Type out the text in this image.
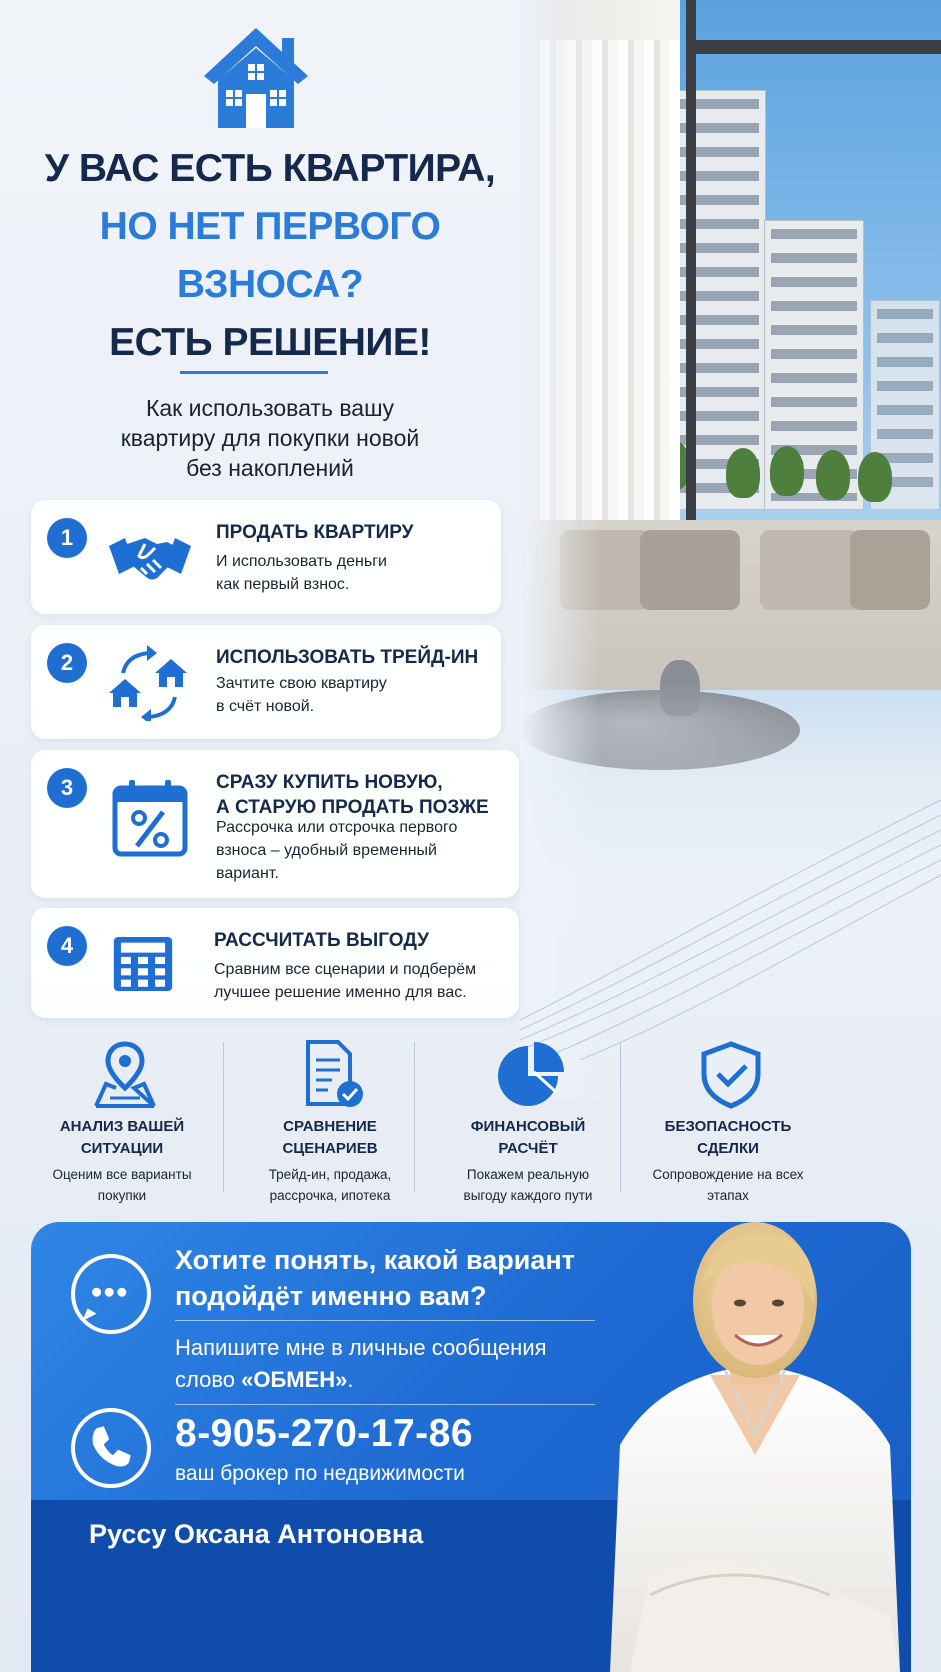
У ВАС ЕСТЬ КВАРТИРА,
НО НЕТ ПЕРВОГО
ВЗНОСА?
ЕСТЬ РЕШЕНИЕ!
Как использовать вашу
квартиру для покупки новой
без накоплений
1	ПРОДАТЬ КВАРТИРУ
И использовать деньги
как первый взнос.
2	ИСПОЛЬЗОВАТЬ ТРЕЙД-ИН
Зачтите свою квартиру
в счёт новой.
3	СРАЗУ КУПИТЬ НОВУЮ,
А СТАРУЮ ПРОДАТЬ ПОЗЖЕ
Рассрочка или отсрочка первого
взноса – удобный временный
вариант.
4	РАССЧИТАТЬ ВЫГОДУ
Сравним все сценарии и подберём
лучшее решение именно для вас.
АНАЛИЗ ВАШЕЙ
СИТУАЦИИ
Оценим все варианты
покупки
СРАВНЕНИЕ
СЦЕНАРИЕВ
Трейд-ин, продажа,
рассрочка, ипотека
ФИНАНСОВЫЙ
РАСЧЁТ
Покажем реальную
выгоду каждого пути
БЕЗОПАСНОСТЬ
СДЕЛКИ
Сопровождение на всех
этапах
Хотите понять, какой вариант
подойдёт именно вам?
Напишите мне в личные сообщения
слово «ОБМЕН».
8-905-270-17-86
ваш брокер по недвижимости
Руссу Оксана Антоновна
